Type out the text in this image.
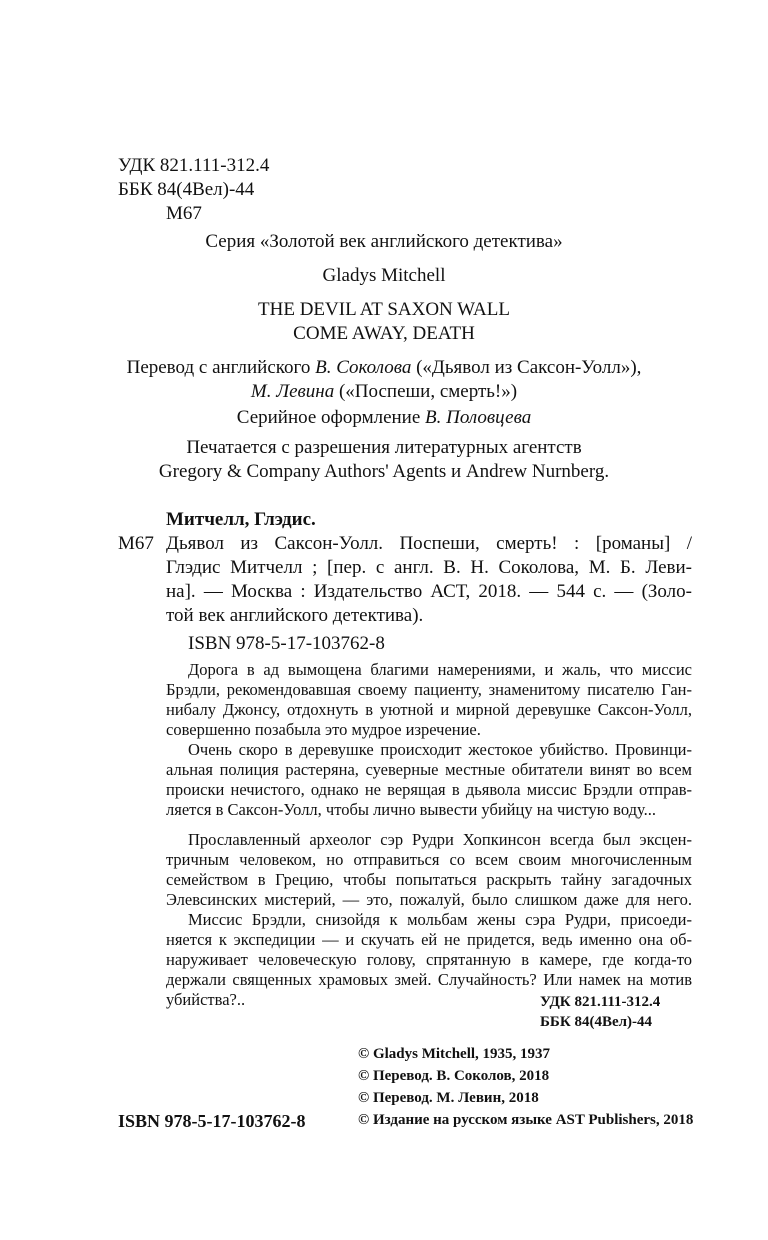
УДК 821.111-312.4
ББК 84(4Вел)-44
М67
Серия «Золотой век английского детектива»
Gladys Mitchell
THE DEVIL AT SAXON WALL
COME AWAY, DEATH
Перевод с английского В. Соколова («Дьявол из Саксон-Уолл»),
М. Левина («Поспеши, смерть!»)
Серийное оформление В. Половцева
Печатается с разрешения литературных агентств
Gregory & Company Authors' Agents и Andrew Nurnberg.
Митчелл, Глэдис.
М67 Дьявол из Саксон-Уолл. Поспеши, смерть! : [романы] /
Глэдис Митчелл ; [пер. с англ. В. Н. Соколова, М. Б. Леви-
на]. — Москва : Издательство АСТ, 2018. — 544 с. — (Золо-
той век английского детектива).
ISBN 978-5-17-103762-8
Дорога в ад вымощена благими намерениями, и жаль, что миссис
Брэдли, рекомендовавшая своему пациенту, знаменитому писателю Ган-
нибалу Джонсу, отдохнуть в уютной и мирной деревушке Саксон-Уолл,
совершенно позабыла это мудрое изречение.
Очень скоро в деревушке происходит жестокое убийство. Провинци-
альная полиция растеряна, суеверные местные обитатели винят во всем
происки нечистого, однако не верящая в дьявола миссис Брэдли отправ-
ляется в Саксон-Уолл, чтобы лично вывести убийцу на чистую воду...
Прославленный археолог сэр Рудри Хопкинсон всегда был эксцен-
тричным человеком, но отправиться со всем своим многочисленным
семейством в Грецию, чтобы попытаться раскрыть тайну загадочных
Элевсинских мистерий, — это, пожалуй, было слишком даже для него.
Миссис Брэдли, снизойдя к мольбам жены сэра Рудри, присоеди-
няется к экспедиции — и скучать ей не придется, ведь именно она об-
наруживает человеческую голову, спрятанную в камере, где когда-то
держали священных храмовых змей. Случайность? Или намек на мотив
убийства?..	УДК 821.111-312.4
ББК 84(4Вел)-44
© Gladys Mitchell, 1935, 1937
© Перевод. В. Соколов, 2018
© Перевод. М. Левин, 2018
© Издание на русском языке AST Publishers, 2018
ISBN 978-5-17-103762-8
